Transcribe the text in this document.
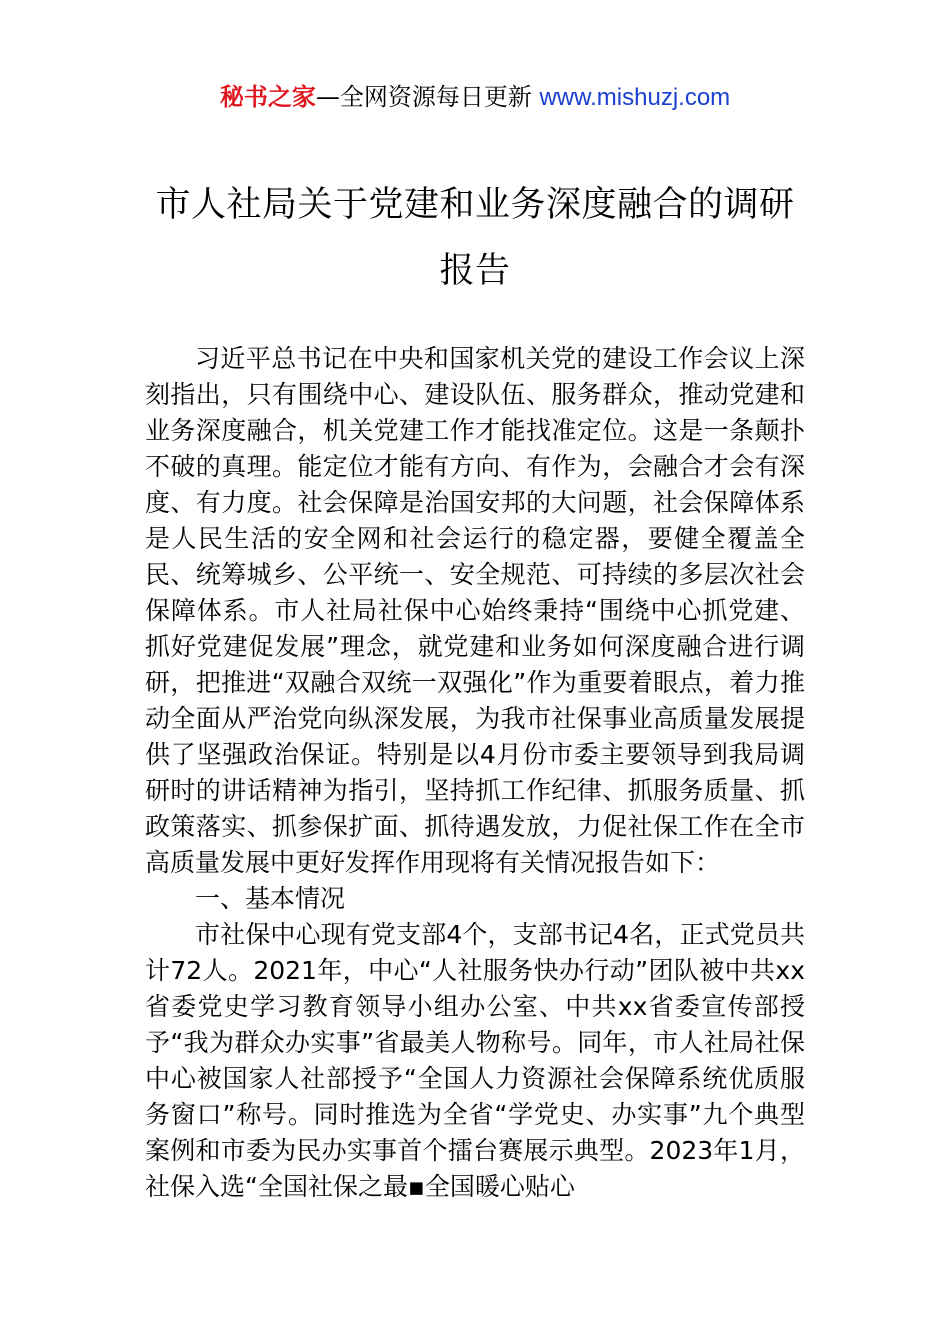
秘书之家—全网资源每日更新 www.mishuzj.com
市人社局关于党建和业务深度融合的调研报告

习近平总书记在中央和国家机关党的建设工作会议上深刻指出，只有围绕中心、建设队伍、服务群众，推动党建和业务深度融合，机关党建工作才能找准定位。这是一条颠扑不破的真理。能定位才能有方向、有作为，会融合才会有深度、有力度。社会保障是治国安邦的大问题，社会保障体系是人民生活的安全网和社会运行的稳定器，要健全覆盖全民、统筹城乡、公平统一、安全规范、可持续的多层次社会保障体系。市人社局社保中心始终秉持“围绕中心抓党建、抓好党建促发展”理念，就党建和业务如何深度融合进行调研，把推进“双融合双统一双强化”作为重要着眼点，着力推动全面从严治党向纵深发展，为我市社保事业高质量发展提供了坚强政治保证。特别是以4月份市委主要领导到我局调研时的讲话精神为指引，坚持抓工作纪律、抓服务质量、抓政策落实、抓参保扩面、抓待遇发放，力促社保工作在全市高质量发展中更好发挥作用现将有关情况报告如下：

一、基本情况

市社保中心现有党支部4个，支部书记4名，正式党员共计72人。2021年，中心“人社服务快办行动”团队被中共xx省委党史学习教育领导小组办公室、中共xx省委宣传部授予“我为群众办实事”省最美人物称号。同年，市人社局社保中心被国家人社部授予“全国人力资源社会保障系统优质服务窗口”称号。同时推选为全省“学党史、办实事”九个典型案例和市委为民办实事首个擂台赛展示典型。2023年1月，社保入选“全国社保之最▪全国暖心贴心
